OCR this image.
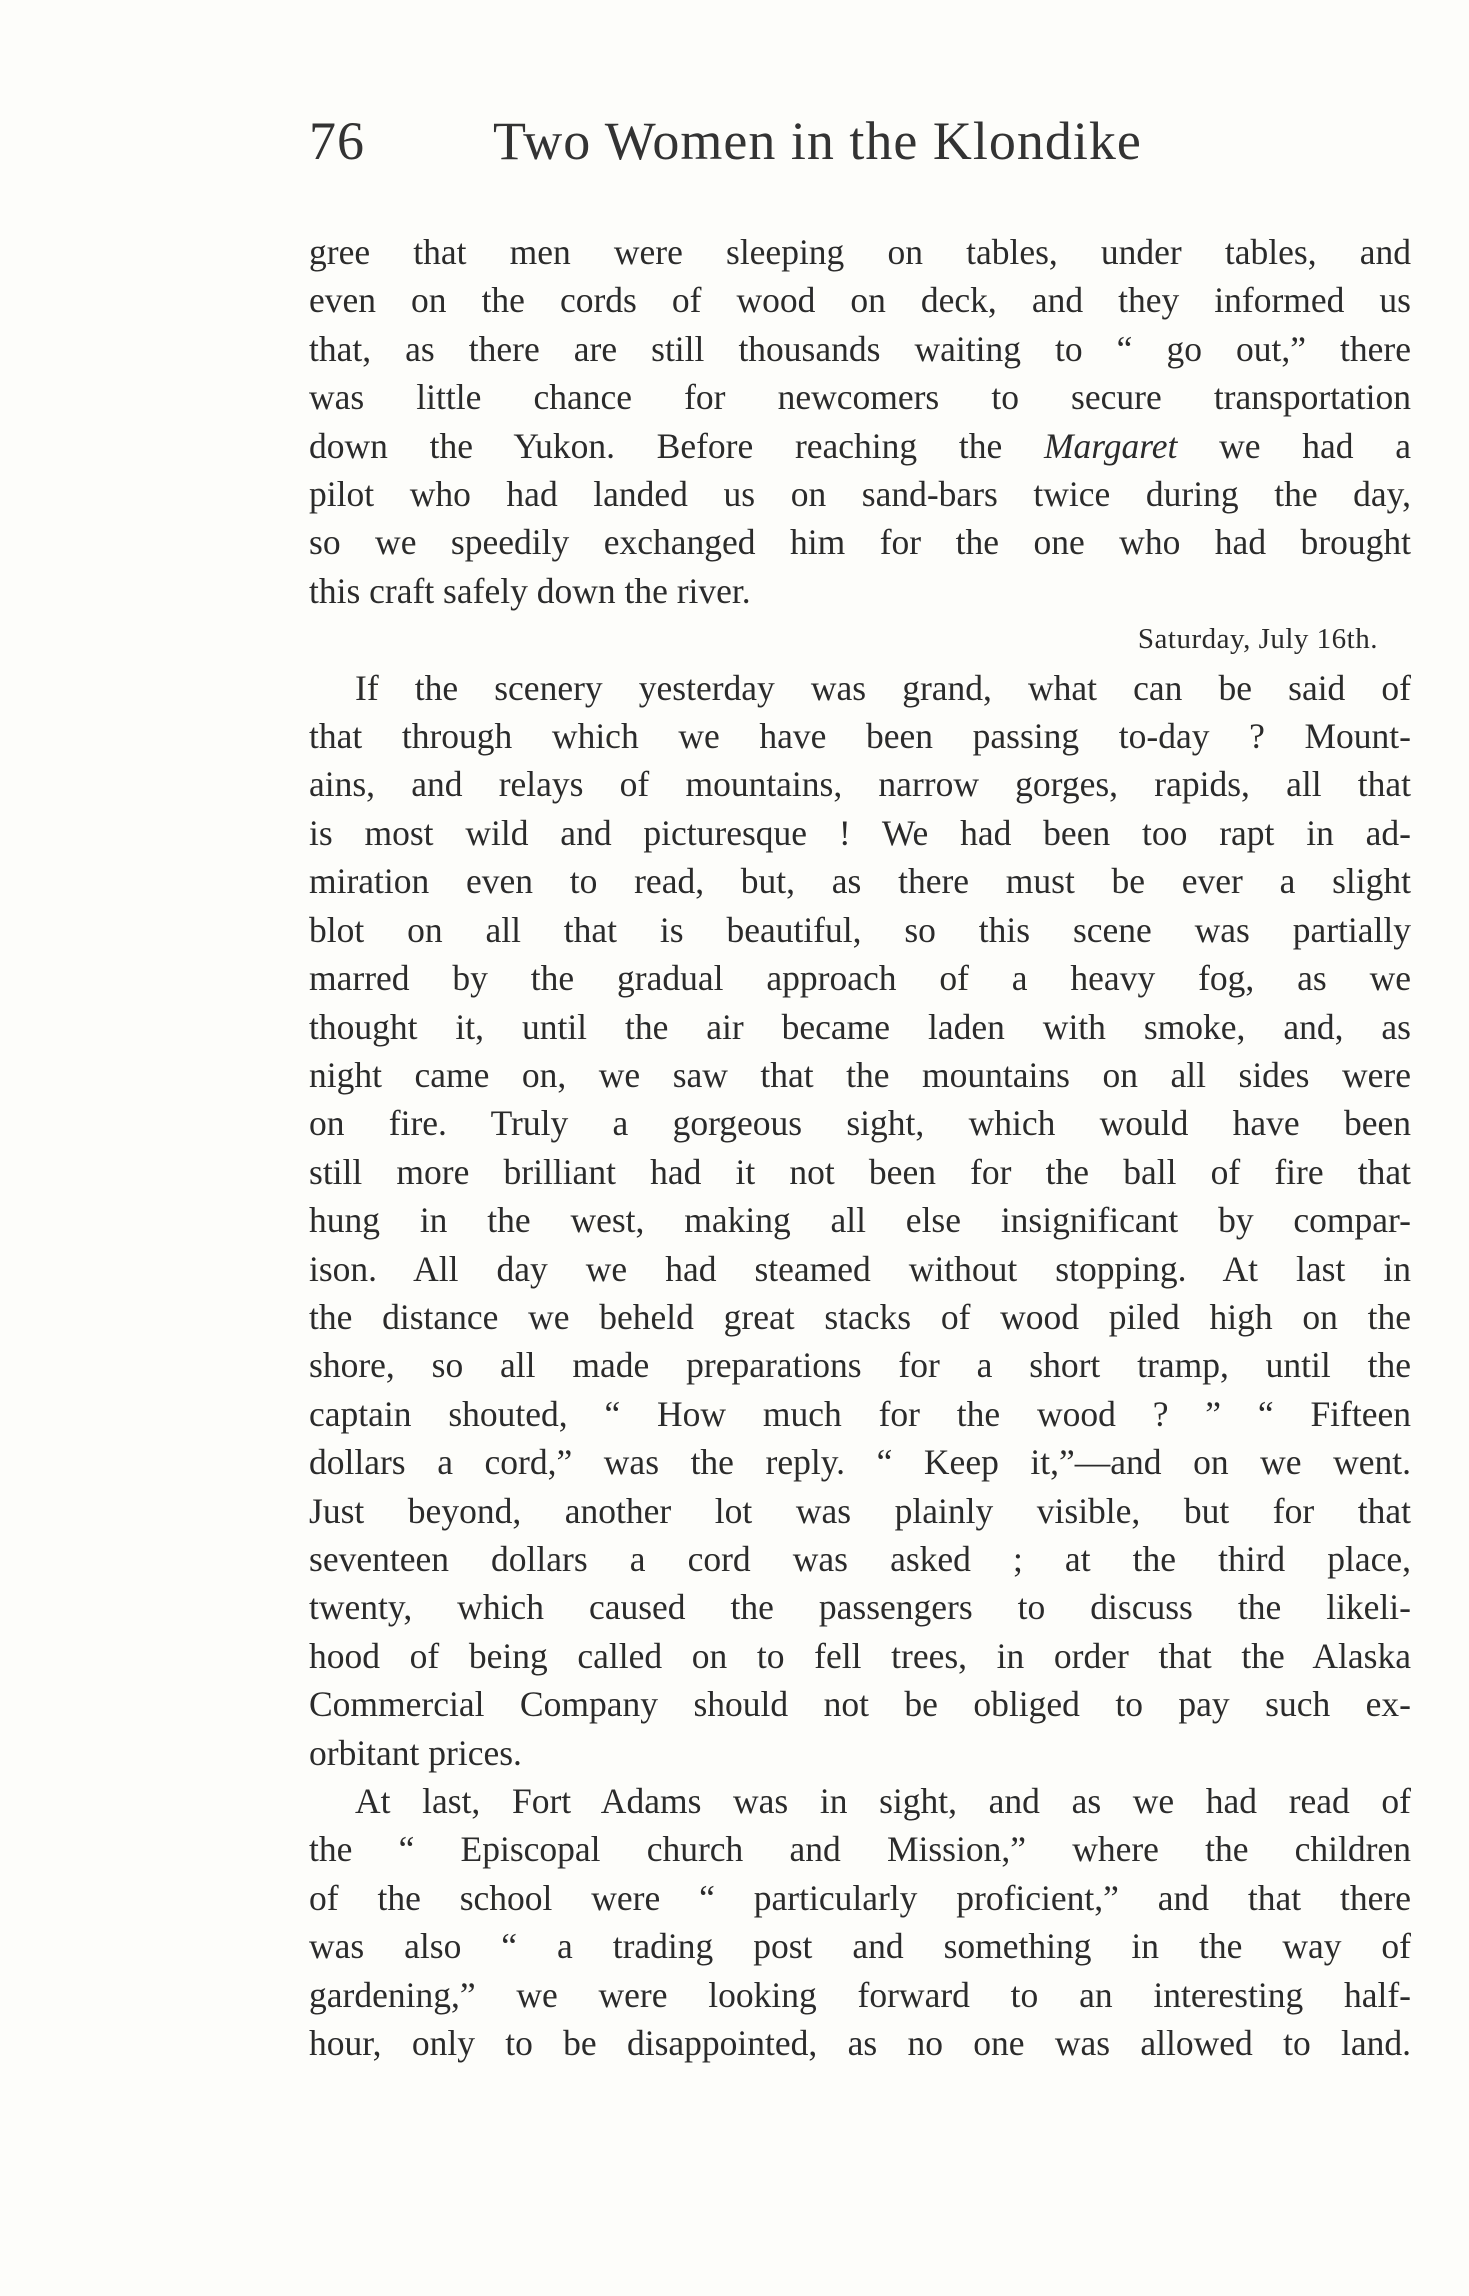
76	Two Women in the Klondike

gree that men were sleeping on tables, under tables, and
even on the cords of wood on deck, and they informed us
that, as there are still thousands waiting to “ go out,” there
was little chance for newcomers to secure transportation
down the Yukon. Before reaching the Margaret we had a
pilot who had landed us on sand-bars twice during the day,
so we speedily exchanged him for the one who had brought
this craft safely down the river.

Saturday, July 16th.

If the scenery yesterday was grand, what can be said of
that through which we have been passing to-day ? Mount-
ains, and relays of mountains, narrow gorges, rapids, all that
is most wild and picturesque ! We had been too rapt in ad-
miration even to read, but, as there must be ever a slight
blot on all that is beautiful, so this scene was partially
marred by the gradual approach of a heavy fog, as we
thought it, until the air became laden with smoke, and, as
night came on, we saw that the mountains on all sides were
on fire. Truly a gorgeous sight, which would have been
still more brilliant had it not been for the ball of fire that
hung in the west, making all else insignificant by compar-
ison. All day we had steamed without stopping. At last in
the distance we beheld great stacks of wood piled high on the
shore, so all made preparations for a short tramp, until the
captain shouted, “ How much for the wood ? ” “ Fifteen
dollars a cord,” was the reply. “ Keep it,”—and on we went.
Just beyond, another lot was plainly visible, but for that
seventeen dollars a cord was asked ; at the third place,
twenty, which caused the passengers to discuss the likeli-
hood of being called on to fell trees, in order that the Alaska
Commercial Company should not be obliged to pay such ex-
orbitant prices.

At last, Fort Adams was in sight, and as we had read of
the “ Episcopal church and Mission,” where the children
of the school were “ particularly proficient,” and that there
was also “ a trading post and something in the way of
gardening,” we were looking forward to an interesting half-
hour, only to be disappointed, as no one was allowed to land.
